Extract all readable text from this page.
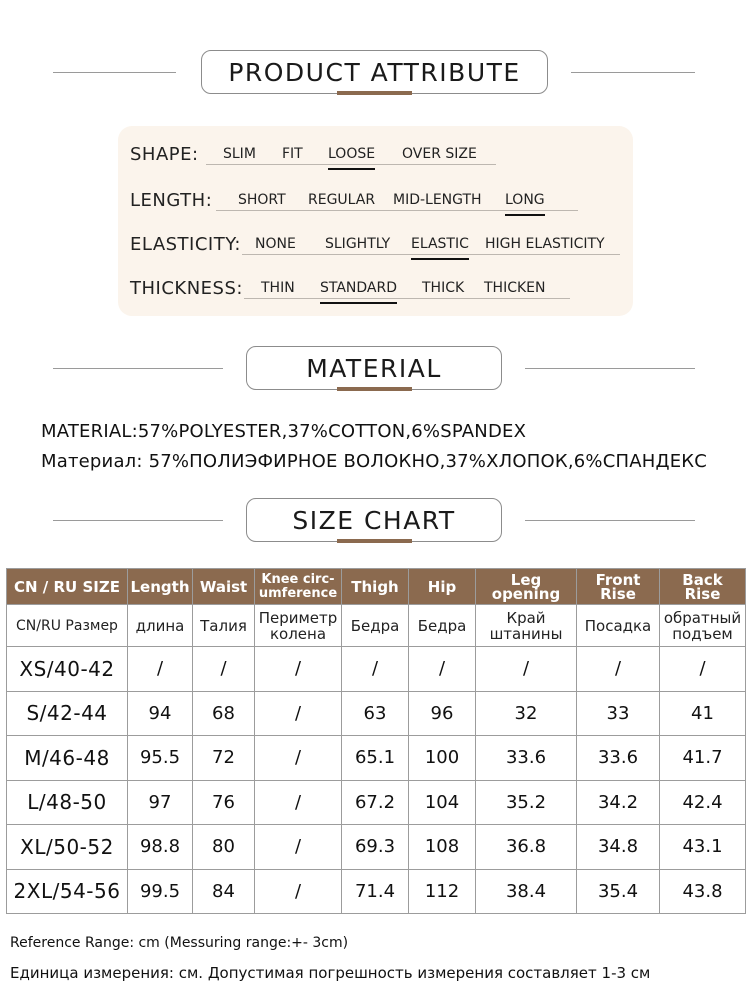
PRODUCT ATTRIBUTE
SHAPE: SLIM FIT LOOSE OVER SIZE
LENGTH: SHORT REGULAR MID-LENGTH LONG
ELASTICITY: NONE SLIGHTLY ELASTIC HIGH ELASTICITY
THICKNESS: THIN STANDARD THICK THICKEN
MATERIAL
MATERIAL:57%POLYESTER,37%COTTON,6%SPANDEX
Материал: 57%ПОЛИЭФИРНОЕ ВОЛОКНО,37%ХЛОПОК,6%СПАНДЕКС
SIZE CHART
CN / RU SIZE	Length	Waist	Knee circ-umference	Thigh	Hip	Leg opening	Front Rise	Back Rise
CN/RU Размер	длина	Талия	Периметр колена	Бедра	Бедра	Край штанины	Посадка	обратный подъем
XS/40-42	/	/	/	/	/	/	/	/
S/42-44	94	68	/	63	96	32	33	41
M/46-48	95.5	72	/	65.1	100	33.6	33.6	41.7
L/48-50	97	76	/	67.2	104	35.2	34.2	42.4
XL/50-52	98.8	80	/	69.3	108	36.8	34.8	43.1
2XL/54-56	99.5	84	/	71.4	112	38.4	35.4	43.8
Reference Range: cm (Messuring range:+- 3cm)
Единица измерения: см. Допустимая погрешность измерения составляет 1-3 см
